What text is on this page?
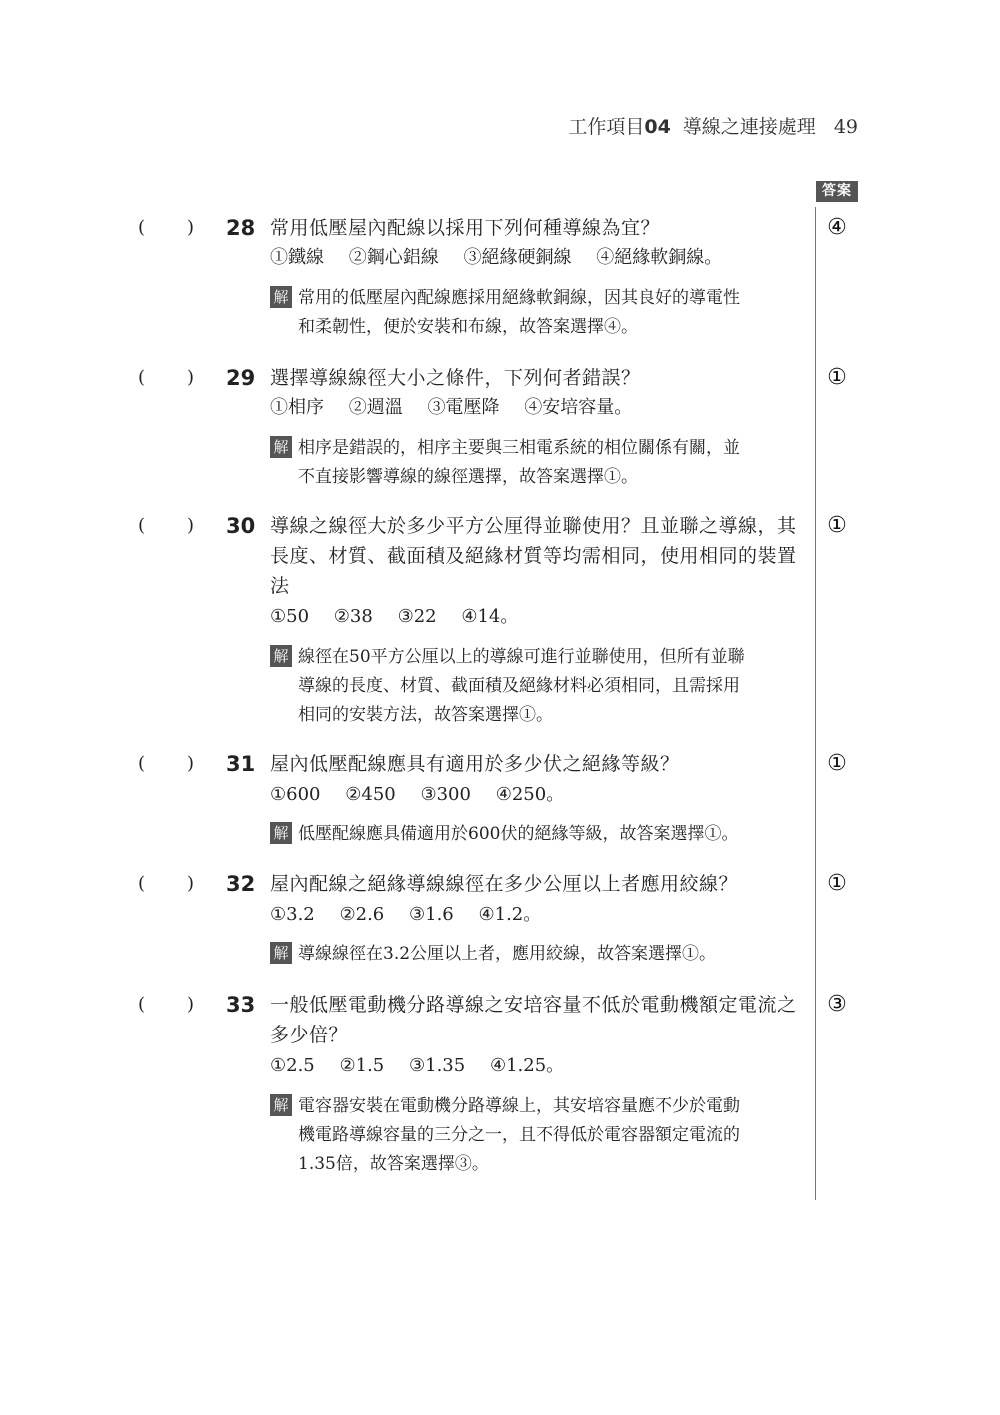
工作項目04 導線之連接處理 49
答案
( ) 28 常用低壓屋內配線以採用下列何種導線為宜？
①鐵線 ②鋼心鋁線 ③絕緣硬銅線 ④絕緣軟銅線。
解 常用的低壓屋內配線應採用絕緣軟銅線，因其良好的導電性
和柔韌性，便於安裝和布線，故答案選擇④。
④
( ) 29 選擇導線線徑大小之條件，下列何者錯誤？
①相序 ②週溫 ③電壓降 ④安培容量。
解 相序是錯誤的，相序主要與三相電系統的相位關係有關，並
不直接影響導線的線徑選擇，故答案選擇①。
①
( ) 30 導線之線徑大於多少平方公厘得並聯使用？且並聯之導線，其長度、材質、截面積及絕緣材質等均需相同，使用相同的裝置法
①50 ②38 ③22 ④14。
解 線徑在50平方公厘以上的導線可進行並聯使用，但所有並聯
導線的長度、材質、截面積及絕緣材料必須相同，且需採用
相同的安裝方法，故答案選擇①。
①
( ) 31 屋內低壓配線應具有適用於多少伏之絕緣等級？
①600 ②450 ③300 ④250。
解 低壓配線應具備適用於600伏的絕緣等級，故答案選擇①。
①
( ) 32 屋內配線之絕緣導線線徑在多少公厘以上者應用絞線？
①3.2 ②2.6 ③1.6 ④1.2。
解 導線線徑在3.2公厘以上者，應用絞線，故答案選擇①。
①
( ) 33 一般低壓電動機分路導線之安培容量不低於電動機額定電流之多少倍？
①2.5 ②1.5 ③1.35 ④1.25。
解 電容器安裝在電動機分路導線上，其安培容量應不少於電動
機電路導線容量的三分之一，且不得低於電容器額定電流的
1.35倍，故答案選擇③。
③
